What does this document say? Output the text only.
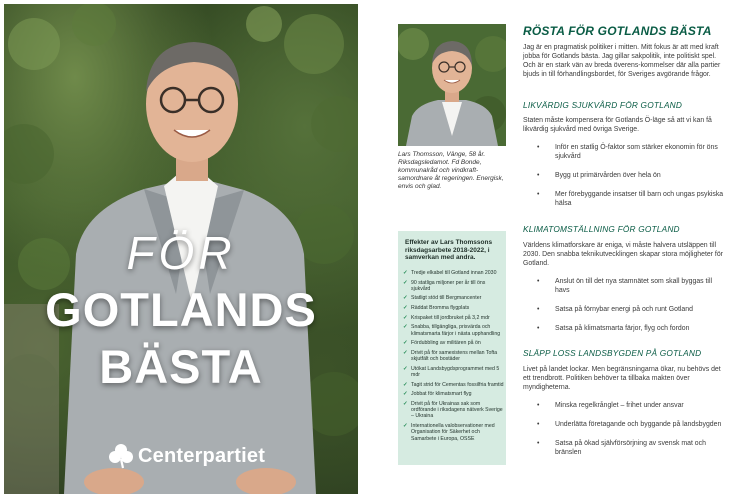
FÖR
GOTLANDS
BÄSTA
Centerpartiet
Lars Thomsson, Vänge, 58 år. Riksdagsledamot. Fd Bonde, kommunalråd och vindkraft-samordnare åt regeringen. Energisk, envis och glad.
Effekter av Lars Thomssons riksdagsarbete 2018-2022, i samverkan med andra.
✓ Tredje elkabel till Gotland innan 2030
✓ 90 statliga miljoner per år till öns sjukvård
✓ Statligt stöd till Bergmancenter
✓ Räddat Bromma flygplats
✓ Krispaket till jordbruket på 3,2 mdr
✓ Snabba, tillgängliga, prisvärda och klimatsmarta färjor i nästa upphandling
✓ Fördubbling av militären på ön
✓ Drivit på för samexistens mellan Tofta skjutfält och bostäder
✓ Utökat Landsbygdsprogrammet med 5 mdr
✓ Tagit strid för Cementas fossilfria framtid
✓ Jobbat för klimatsmart flyg
✓ Drivit på för Ukrainas sak som ordförande i riksdagens nätverk Sverige – Ukraina
✓ Internationella valobservationer med Organisation för Säkerhet och Samarbete i Europa, OSSE
RÖSTA FÖR GOTLANDS BÄSTA

Jag är en pragmatisk politiker i mitten. Mitt fokus är att med kraft jobba för Gotlands bästa. Jag gillar sakpolitik, inte politiskt spel. Och är en stark vän av breda överens-kommelser där alla partier bjuds in till förhandlingsbordet, för Sveriges avgörande frågor.

LIKVÄRDIG SJUKVÅRD FÖR GOTLAND

Staten måste kompensera för Gotlands Ö-läge så att vi kan få likvärdig sjukvård med övriga Sverige.

• Inför en statlig Ö-faktor som stärker ekonomin för öns sjukvård
• Bygg ut primärvården över hela ön
• Mer förebyggande insatser till barn och ungas psykiska hälsa
KLIMATOMSTÄLLNING FÖR GOTLAND

Världens klimatforskare är eniga, vi måste halvera utsläppen till 2030. Den snabba teknikutvecklingen skapar stora möjligheter för Gotland.

• Anslut ön till det nya stamnätet som skall byggas till havs
• Satsa på förnybar energi på och runt Gotland
• Satsa på klimatsmarta färjor, flyg och fordon
SLÄPP LOSS LANDSBYGDEN PÅ GOTLAND

Livet på landet lockar. Men begränsningarna ökar, nu behövs det ett trendbrott. Politiken behöver ta tillbaka makten över myndigheterna.

• Minska regelkrånglet – frihet under ansvar
• Underlätta företagande och byggande på landsbygden
• Satsa på ökad självförsörjning av svensk mat och bränslen
